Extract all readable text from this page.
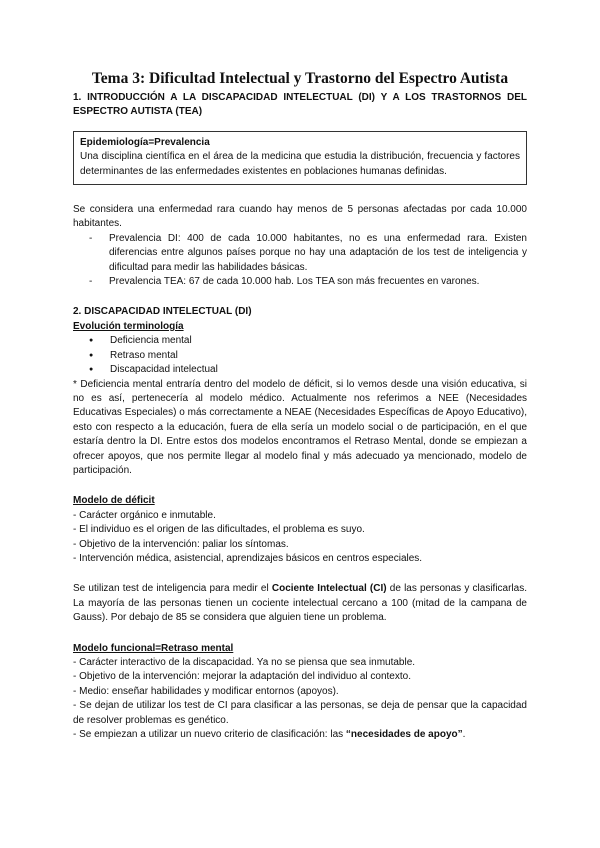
Tema 3: Dificultad Intelectual y Trastorno del Espectro Autista
1. INTRODUCCIÓN A LA DISCAPACIDAD INTELECTUAL (DI) Y A LOS TRASTORNOS DEL ESPECTRO AUTISTA (TEA)
Epidemiología=Prevalencia

Una disciplina científica en el área de la medicina que estudia la distribución, frecuencia y factores determinantes de las enfermedades existentes en poblaciones humanas definidas.

Se considera una enfermedad rara cuando hay menos de 5 personas afectadas por cada 10.000 habitantes.

- Prevalencia DI: 400 de cada 10.000 habitantes, no es una enfermedad rara. Existen diferencias entre algunos países porque no hay una adaptación de los test de inteligencia y dificultad para medir las habilidades básicas.
- Prevalencia TEA: 67 de cada 10.000 hab. Los TEA son más frecuentes en varones.
2. DISCAPACIDAD INTELECTUAL (DI)
Evolución terminología
● Deficiencia mental
● Retraso mental
● Discapacidad intelectual

* Deficiencia mental entraría dentro del modelo de déficit, si lo vemos desde una visión educativa, si no es así, pertenecería al modelo médico. Actualmente nos referimos a NEE (Necesidades Educativas Especiales) o más correctamente a NEAE (Necesidades Específicas de Apoyo Educativo), esto con respecto a la educación, fuera de ella sería un modelo social o de participación, en el que estaría dentro la DI. Entre estos dos modelos encontramos el Retraso Mental, donde se empiezan a ofrecer apoyos, que nos permite llegar al modelo final y más adecuado ya mencionado, modelo de participación.

Modelo de déficit
- Carácter orgánico e inmutable.
- El individuo es el origen de las dificultades, el problema es suyo.
- Objetivo de la intervención: paliar los síntomas.
- Intervención médica, asistencial, aprendizajes básicos en centros especiales.

Se utilizan test de inteligencia para medir el Cociente Intelectual (CI) de las personas y clasificarlas. La mayoría de las personas tienen un cociente intelectual cercano a 100 (mitad de la campana de Gauss). Por debajo de 85 se considera que alguien tiene un problema.

Modelo funcional=Retraso mental
- Carácter interactivo de la discapacidad. Ya no se piensa que sea inmutable.
- Objetivo de la intervención: mejorar la adaptación del individuo al contexto.
- Medio: enseñar habilidades y modificar entornos (apoyos).

- Se dejan de utilizar los test de CI para clasificar a las personas, se deja de pensar que la capacidad de resolver problemas es genético.

- Se empiezan a utilizar un nuevo criterio de clasificación: las “necesidades de apoyo”.
